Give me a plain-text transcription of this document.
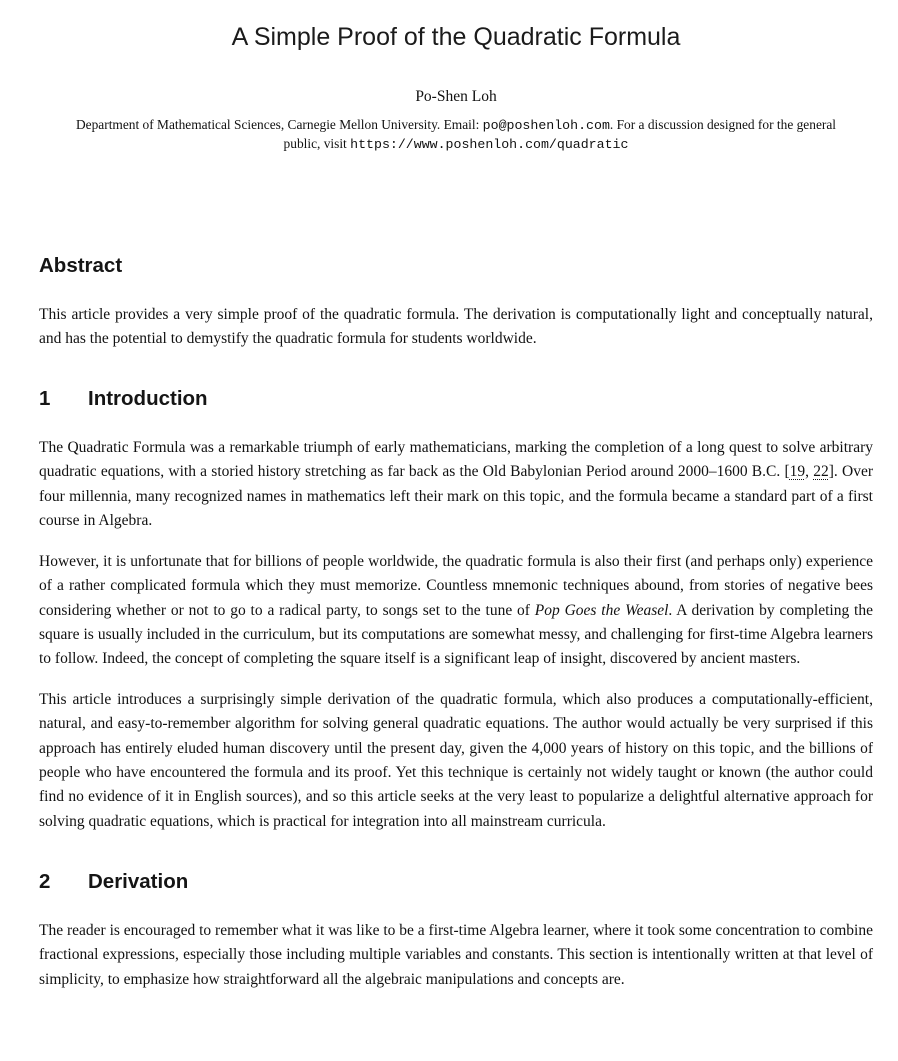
A Simple Proof of the Quadratic Formula
Po-Shen Loh
Department of Mathematical Sciences, Carnegie Mellon University. Email: po@poshenloh.com. For a discussion designed for the general public, visit https://www.poshenloh.com/quadratic
Abstract

This article provides a very simple proof of the quadratic formula. The derivation is computationally light and conceptually natural, and has the potential to demystify the quadratic formula for students worldwide.

1 Introduction

The Quadratic Formula was a remarkable triumph of early mathematicians, marking the completion of a long quest to solve arbitrary quadratic equations, with a storied history stretching as far back as the Old Babylonian Period around 2000–1600 B.C. [19, 22]. Over four millennia, many recognized names in mathematics left their mark on this topic, and the formula became a standard part of a first course in Algebra.

However, it is unfortunate that for billions of people worldwide, the quadratic formula is also their first (and perhaps only) experience of a rather complicated formula which they must memorize. Countless mnemonic techniques abound, from stories of negative bees considering whether or not to go to a radical party, to songs set to the tune of Pop Goes the Weasel. A derivation by completing the square is usually included in the curriculum, but its computations are somewhat messy, and challenging for first-time Algebra learners to follow. Indeed, the concept of completing the square itself is a significant leap of insight, discovered by ancient masters.

This article introduces a surprisingly simple derivation of the quadratic formula, which also produces a computationally-efficient, natural, and easy-to-remember algorithm for solving general quadratic equations. The author would actually be very surprised if this approach has entirely eluded human discovery until the present day, given the 4,000 years of history on this topic, and the billions of people who have encountered the formula and its proof. Yet this technique is certainly not widely taught or known (the author could find no evidence of it in English sources), and so this article seeks at the very least to popularize a delightful alternative approach for solving quadratic equations, which is practical for integration into all mainstream curricula.

2 Derivation

The reader is encouraged to remember what it was like to be a first-time Algebra learner, where it took some concentration to combine fractional expressions, especially those including multiple variables and constants. This section is intentionally written at that level of simplicity, to emphasize how straightforward all the algebraic manipulations and concepts are.
